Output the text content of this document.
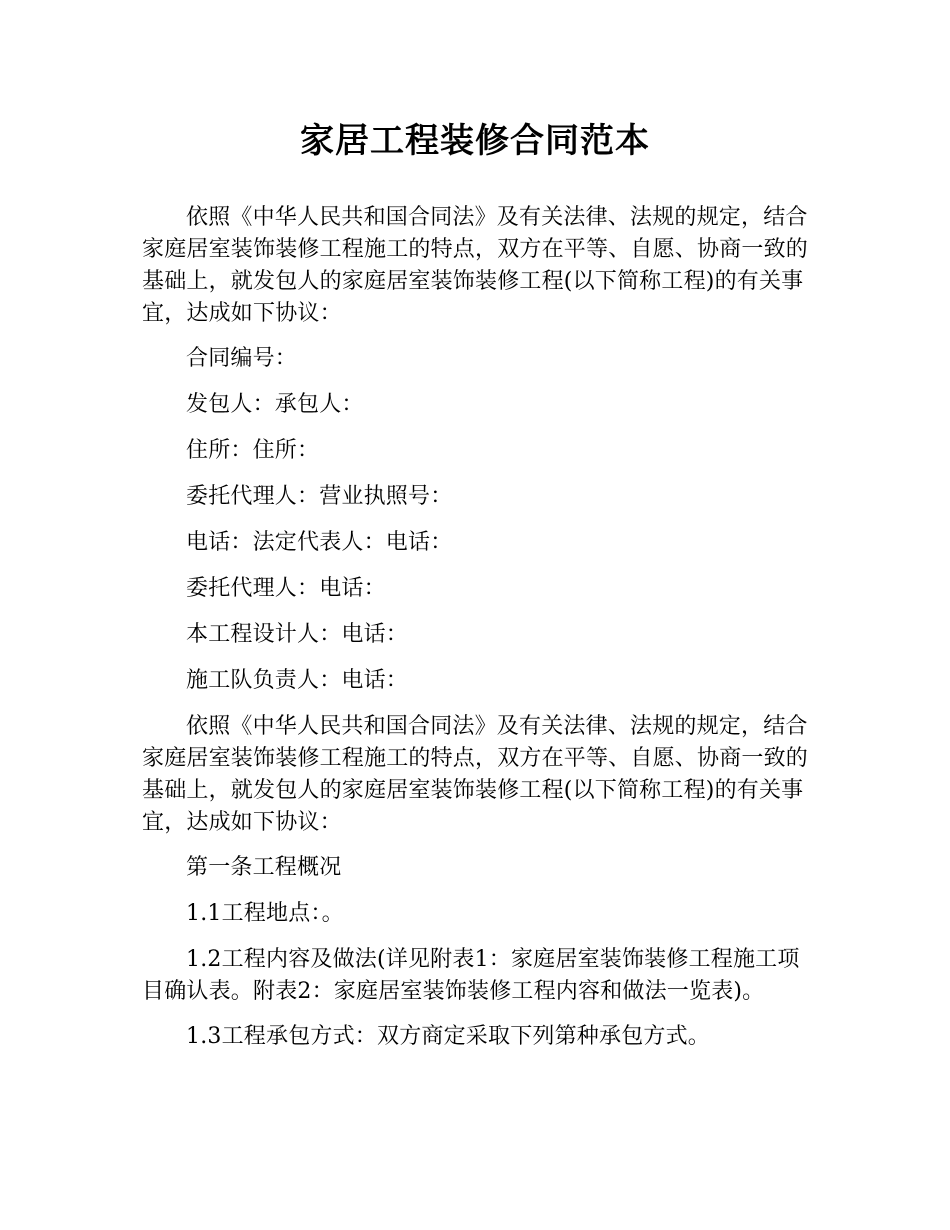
家居工程装修合同范本

依照《中华人民共和国合同法》及有关法律、法规的规定，结合家庭居室装饰装修工程施工的特点，双方在平等、自愿、协商一致的基础上，就发包人的家庭居室装饰装修工程(以下简称工程)的有关事宜，达成如下协议：

合同编号：

发包人：承包人：

住所：住所：

委托代理人：营业执照号：

电话：法定代表人：电话：

委托代理人：电话：

本工程设计人：电话：

施工队负责人：电话：

依照《中华人民共和国合同法》及有关法律、法规的规定，结合家庭居室装饰装修工程施工的特点，双方在平等、自愿、协商一致的基础上，就发包人的家庭居室装饰装修工程(以下简称工程)的有关事宜，达成如下协议：

第一条工程概况

1.1工程地点：。

1.2工程内容及做法(详见附表1：家庭居室装饰装修工程施工项目确认表。附表2：家庭居室装饰装修工程内容和做法一览表)。

1.3工程承包方式：双方商定采取下列第种承包方式。
